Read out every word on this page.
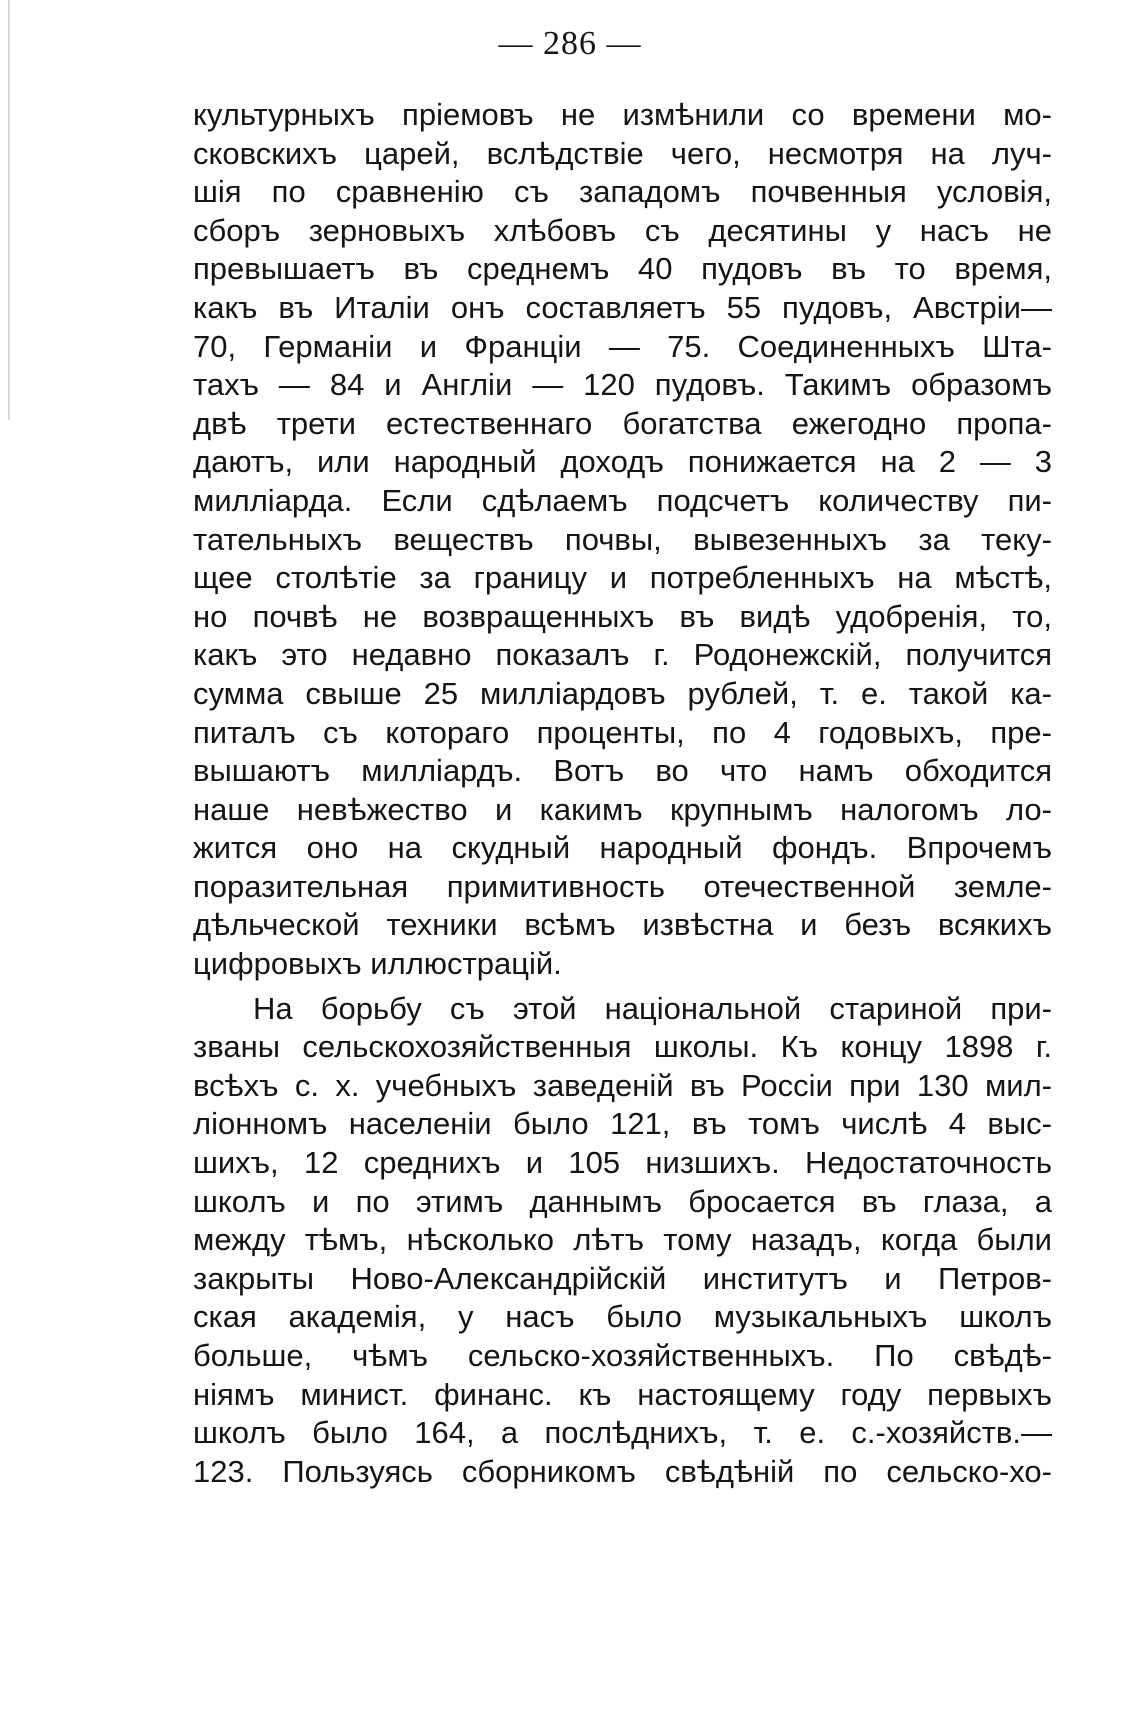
— 286 —
культурныхъ пріемовъ не измѣнили со времени мо-
сковскихъ царей, вслѣдствіе чего, несмотря на луч-
шія по сравненію съ западомъ почвенныя условія,
сборъ зерновыхъ хлѣбовъ съ десятины у насъ не
превышаетъ въ среднемъ 40 пудовъ въ то время,
какъ въ Италіи онъ составляетъ 55 пудовъ, Австріи—
70, Германіи и Франціи — 75. Соединенныхъ Шта-
тахъ — 84 и Англіи — 120 пудовъ. Такимъ образомъ
двѣ трети естественнаго богатства ежегодно пропа-
даютъ, или народный доходъ понижается на 2 — 3
милліарда. Если сдѣлаемъ подсчетъ количеству пи-
тательныхъ веществъ почвы, вывезенныхъ за теку-
щее столѣтіе за границу и потребленныхъ на мѣстѣ,
но почвѣ не возвращенныхъ въ видѣ удобренія, то,
какъ это недавно показалъ г. Родонежскій, получится
сумма свыше 25 милліардовъ рублей, т. е. такой ка-
питалъ съ котораго проценты, по 4 годовыхъ, пре-
вышаютъ милліардъ. Вотъ во что намъ обходится
наше невѣжество и какимъ крупнымъ налогомъ ло-
жится оно на скудный народный фондъ. Впрочемъ
поразительная примитивность отечественной земле-
дѣльческой техники всѣмъ извѣстна и безъ всякихъ
цифровыхъ иллюстрацій.
На борьбу съ этой національной стариной при-
званы сельскохозяйственныя школы. Къ концу 1898 г.
всѣхъ с. х. учебныхъ заведеній въ Россіи при 130 мил-
ліонномъ населеніи было 121, въ томъ числѣ 4 выс-
шихъ, 12 среднихъ и 105 низшихъ. Недостаточность
школъ и по этимъ даннымъ бросается въ глаза, а
между тѣмъ, нѣсколько лѣтъ тому назадъ, когда были
закрыты Ново-Александрійскій институтъ и Петров-
ская академія, у насъ было музыкальныхъ школъ
больше, чѣмъ сельско-хозяйственныхъ. По свѣдѣ-
ніямъ минист. финанс. къ настоящему году первыхъ
школъ было 164, а послѣднихъ, т. е. с.-хозяйств.—
123. Пользуясь сборникомъ свѣдѣній по сельско-хо-
